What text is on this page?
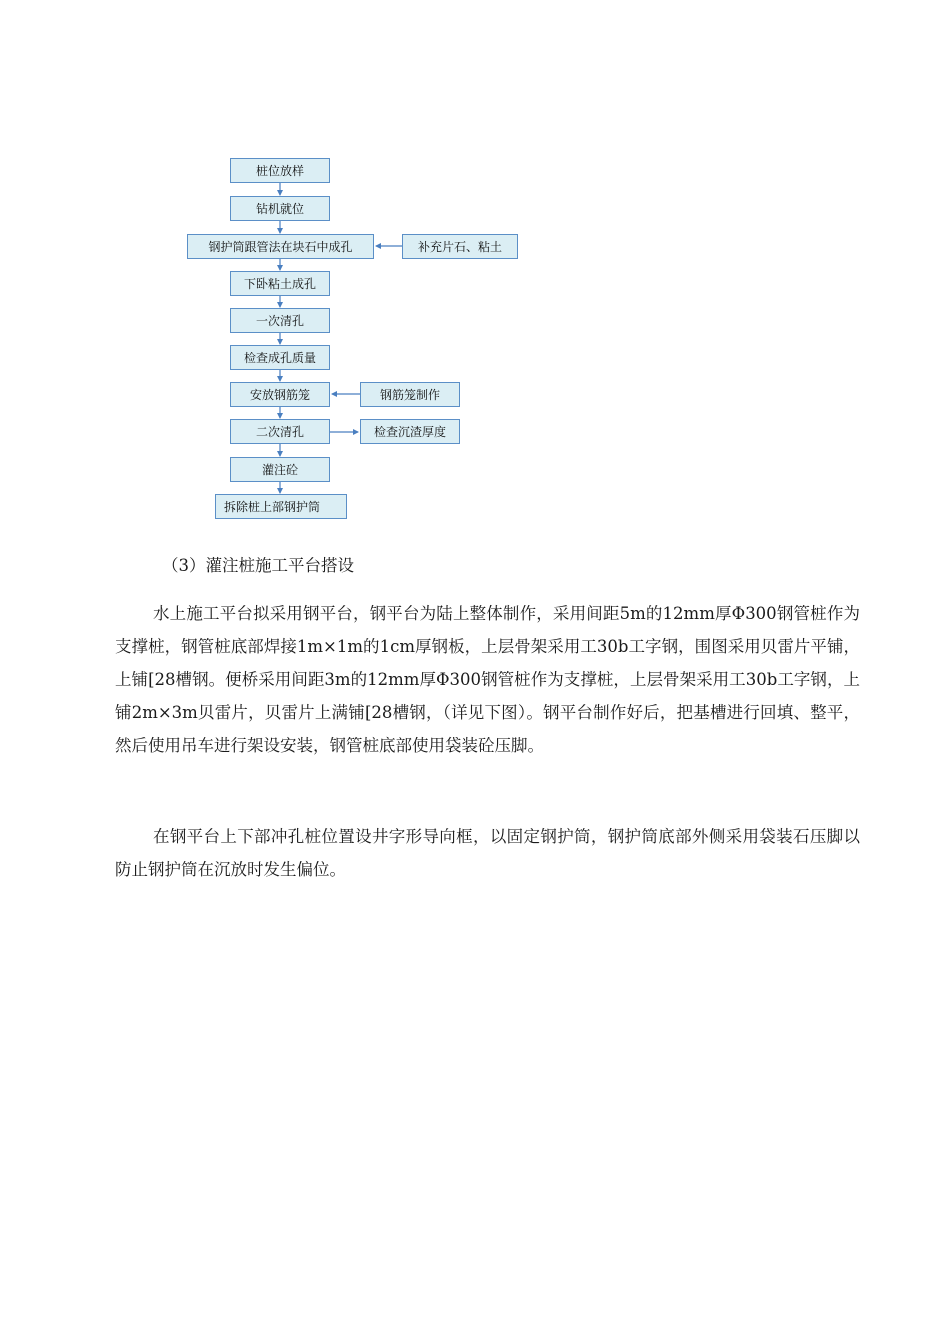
桩位放样
钻机就位
钢护筒跟管法在块石中成孔
下卧粘土成孔
一次清孔
检查成孔质量
安放钢筋笼
二次清孔
灌注砼
拆除桩上部钢护筒
补充片石、粘土
钢筋笼制作
检查沉渣厚度
（3）灌注桩施工平台搭设

水上施工平台拟采用钢平台，钢平台为陆上整体制作，采用间距5m的12mm厚Φ300钢管桩作为支撑桩，钢管桩底部焊接1m×1m的1cm厚钢板，上层骨架采用工30b工字钢，围图采用贝雷片平铺，上铺[28槽钢。便桥采用间距3m的12mm厚Φ300钢管桩作为支撑桩，上层骨架采用工30b工字钢，上铺2m×3m贝雷片，贝雷片上满铺[28槽钢，（详见下图）。钢平台制作好后，把基槽进行回填、整平，然后使用吊车进行架设安装，钢管桩底部使用袋装砼压脚。

在钢平台上下部冲孔桩位置设井字形导向框，以固定钢护筒，钢护筒底部外侧采用袋装石压脚以防止钢护筒在沉放时发生偏位。
